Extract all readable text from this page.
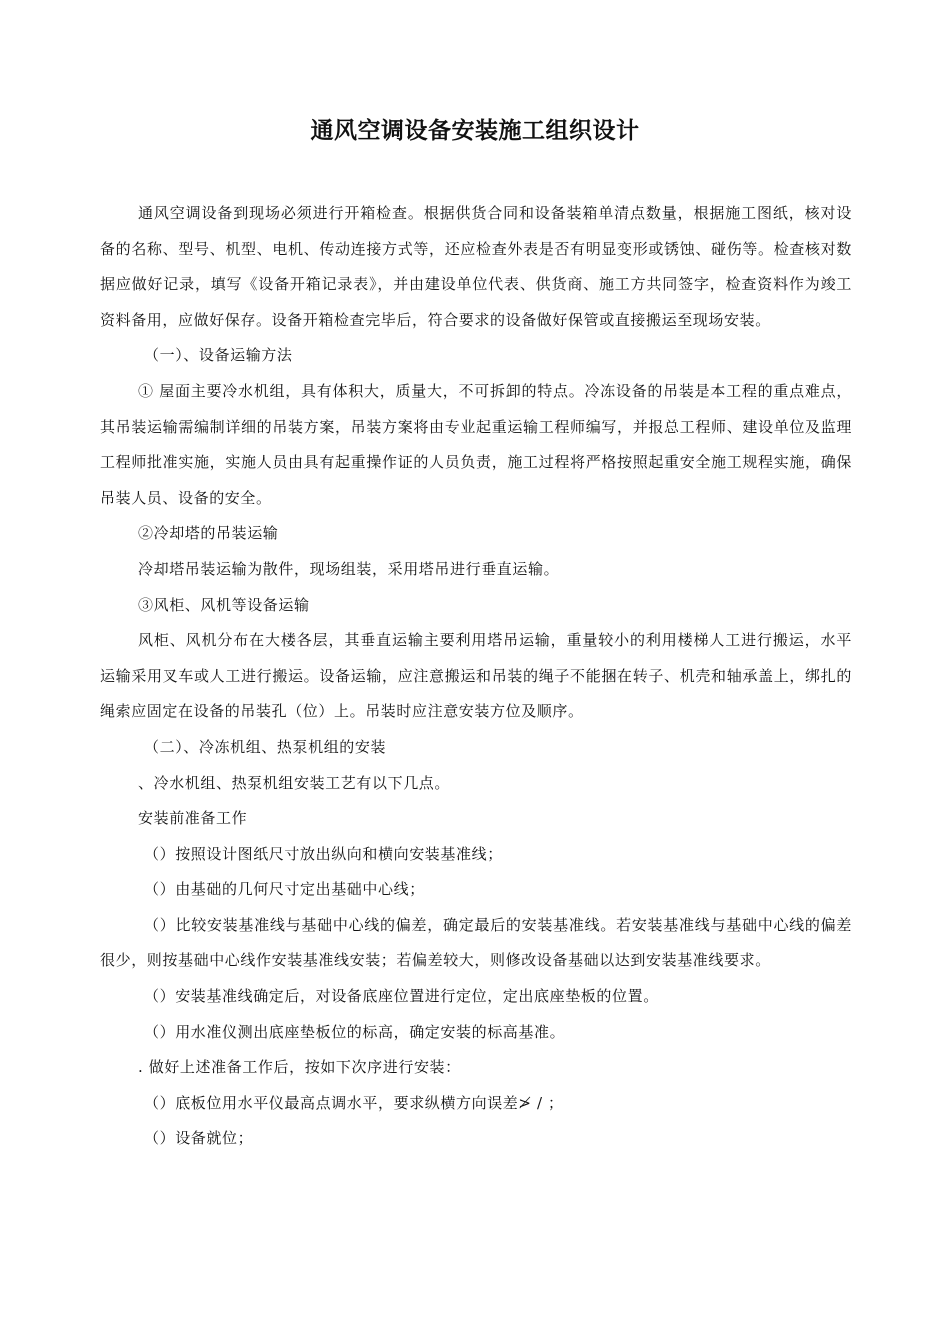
通风空调设备安装施工组织设计

通风空调设备到现场必须进行开箱检查。根据供货合同和设备装箱单清点数量，根据施工图纸，核对设备的名称、型号、机型、电机、传动连接方式等，还应检查外表是否有明显变形或锈蚀、碰伤等。检查核对数据应做好记录，填写《设备开箱记录表》，并由建设单位代表、供货商、施工方共同签字，检查资料作为竣工资料备用，应做好保存。设备开箱检查完毕后，符合要求的设备做好保管或直接搬运至现场安装。

（一）、设备运输方法

① 屋面主要冷水机组，具有体积大，质量大，不可拆卸的特点。冷冻设备的吊装是本工程的重点难点，其吊装运输需编制详细的吊装方案，吊装方案将由专业起重运输工程师编写，并报总工程师、建设单位及监理工程师批准实施，实施人员由具有起重操作证的人员负责，施工过程将严格按照起重安全施工规程实施，确保吊装人员、设备的安全。

②冷却塔的吊装运输

冷却塔吊装运输为散件，现场组装，采用塔吊进行垂直运输。

③风柜、风机等设备运输

风柜、风机分布在大楼各层，其垂直运输主要利用塔吊运输，重量较小的利用楼梯人工进行搬运，水平运输采用叉车或人工进行搬运。设备运输，应注意搬运和吊装的绳子不能捆在转子、机壳和轴承盖上，绑扎的绳索应固定在设备的吊装孔（位）上。吊装时应注意安装方位及顺序。

（二）、冷冻机组、热泵机组的安装

、冷水机组、热泵机组安装工艺有以下几点。

安装前准备工作

（）按照设计图纸尺寸放出纵向和横向安装基准线；

（）由基础的几何尺寸定出基础中心线；

（）比较安装基准线与基础中心线的偏差，确定最后的安装基准线。若安装基准线与基础中心线的偏差很少，则按基础中心线作安装基准线安装；若偏差较大，则修改设备基础以达到安装基准线要求。

（）安装基准线确定后，对设备底座位置进行定位，定出底座垫板的位置。

（）用水准仪测出底座垫板位的标高，确定安装的标高基准。

. 做好上述准备工作后，按如下次序进行安装：

（）底板位用水平仪最高点调水平，要求纵横方向误差≯ / ；

（）设备就位；
